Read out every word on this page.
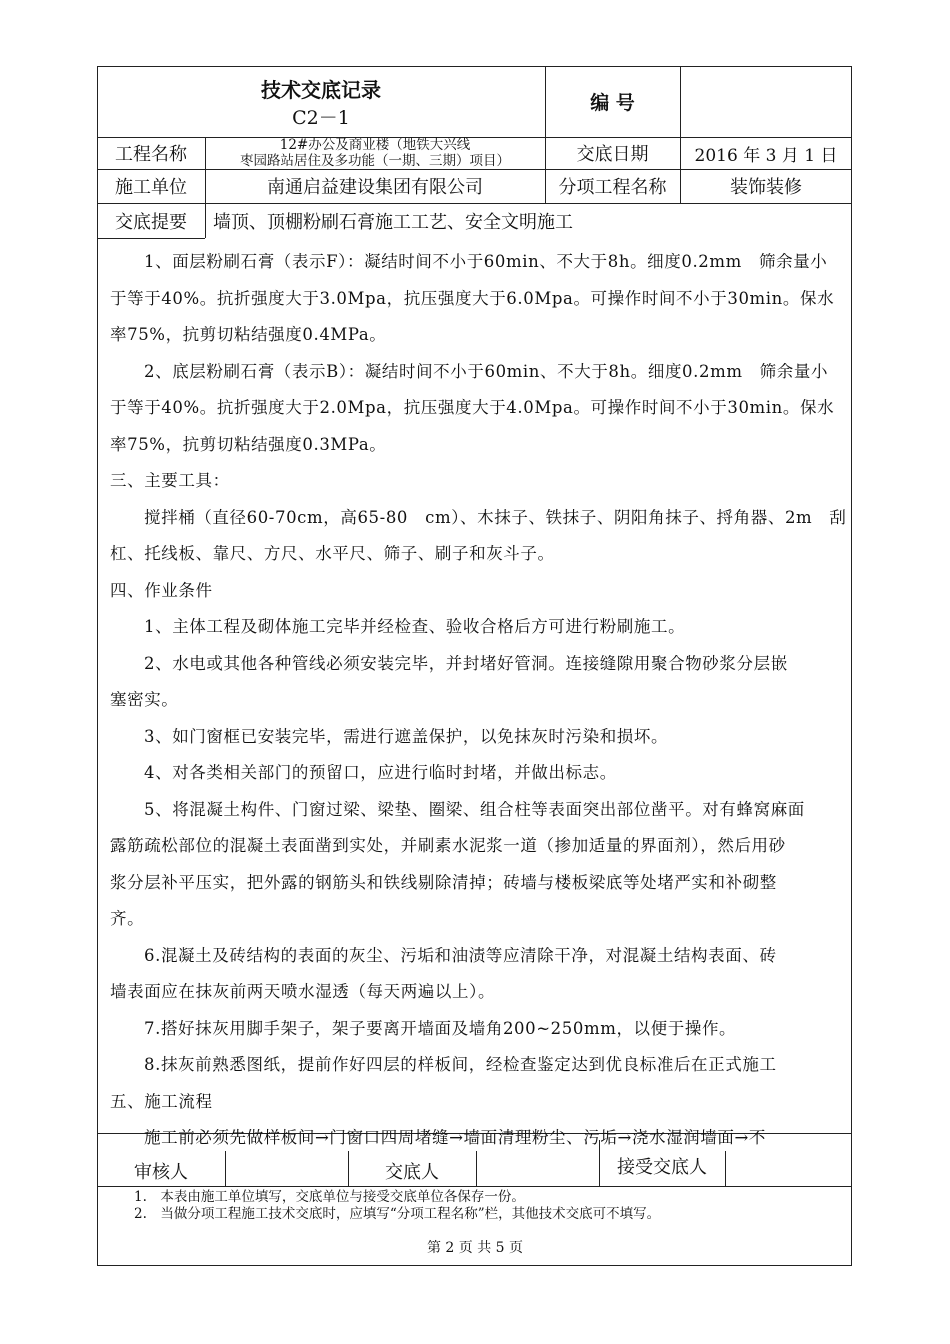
技术交底记录
C2－1
编 号
工程名称	12#办公及商业楼（地铁大兴线
枣园路站居住及多功能（一期、三期）项目）	交底日期	2016 年 3 月 1 日
施工单位	南通启益建设集团有限公司	分项工程名称	装饰装修
交底提要	墙顶、顶棚粉刷石膏施工工艺、安全文明施工

1、面层粉刷石膏（表示F）：凝结时间不小于60min、不大于8h。细度0.2mm　筛余量小

于等于40%。抗折强度大于3.0Mpa，抗压强度大于6.0Mpa。可操作时间不小于30min。保水

率75%，抗剪切粘结强度0.4MPa。

2、底层粉刷石膏（表示B）：凝结时间不小于60min、不大于8h。细度0.2mm　筛余量小

于等于40%。抗折强度大于2.0Mpa，抗压强度大于4.0Mpa。可操作时间不小于30min。保水

率75%，抗剪切粘结强度0.3MPa。

三、主要工具：

搅拌桶（直径60-70cm，高65-80　cm）、木抹子、铁抹子、阴阳角抹子、捋角器、2m　刮

杠、托线板、靠尺、方尺、水平尺、筛子、刷子和灰斗子。

四、作业条件

1、主体工程及砌体施工完毕并经检查、验收合格后方可进行粉刷施工。

2、水电或其他各种管线必须安装完毕，并封堵好管洞。连接缝隙用聚合物砂浆分层嵌

塞密实。

3、如门窗框已安装完毕，需进行遮盖保护，以免抹灰时污染和损坏。

4、对各类相关部门的预留口，应进行临时封堵，并做出标志。

5、将混凝土构件、门窗过梁、梁垫、圈梁、组合柱等表面突出部位凿平。对有蜂窝麻面

露筋疏松部位的混凝土表面凿到实处，并刷素水泥浆一道（掺加适量的界面剂），然后用砂

浆分层补平压实，把外露的钢筋头和铁线剔除清掉；砖墙与楼板梁底等处堵严实和补砌整

齐。

6.混凝土及砖结构的表面的灰尘、污垢和油渍等应清除干净，对混凝土结构表面、砖

墙表面应在抹灰前两天喷水湿透（每天两遍以上）。

7.搭好抹灰用脚手架子，架子要离开墙面及墙角200~250mm，以便于操作。

8.抹灰前熟悉图纸，提前作好四层的样板间，经检查鉴定达到优良标准后在正式施工

五、施工流程

施工前必须先做样板间→门窗口四周堵缝→墙面清理粉尘、污垢→浇水湿润墙面→不

审核人	交底人	接受交底人
1.　本表由施工单位填写，交底单位与接受交底单位各保存一份。
2.　当做分项工程施工技术交底时，应填写“分项工程名称”栏，其他技术交底可不填写。
第 2 页 共 5 页
